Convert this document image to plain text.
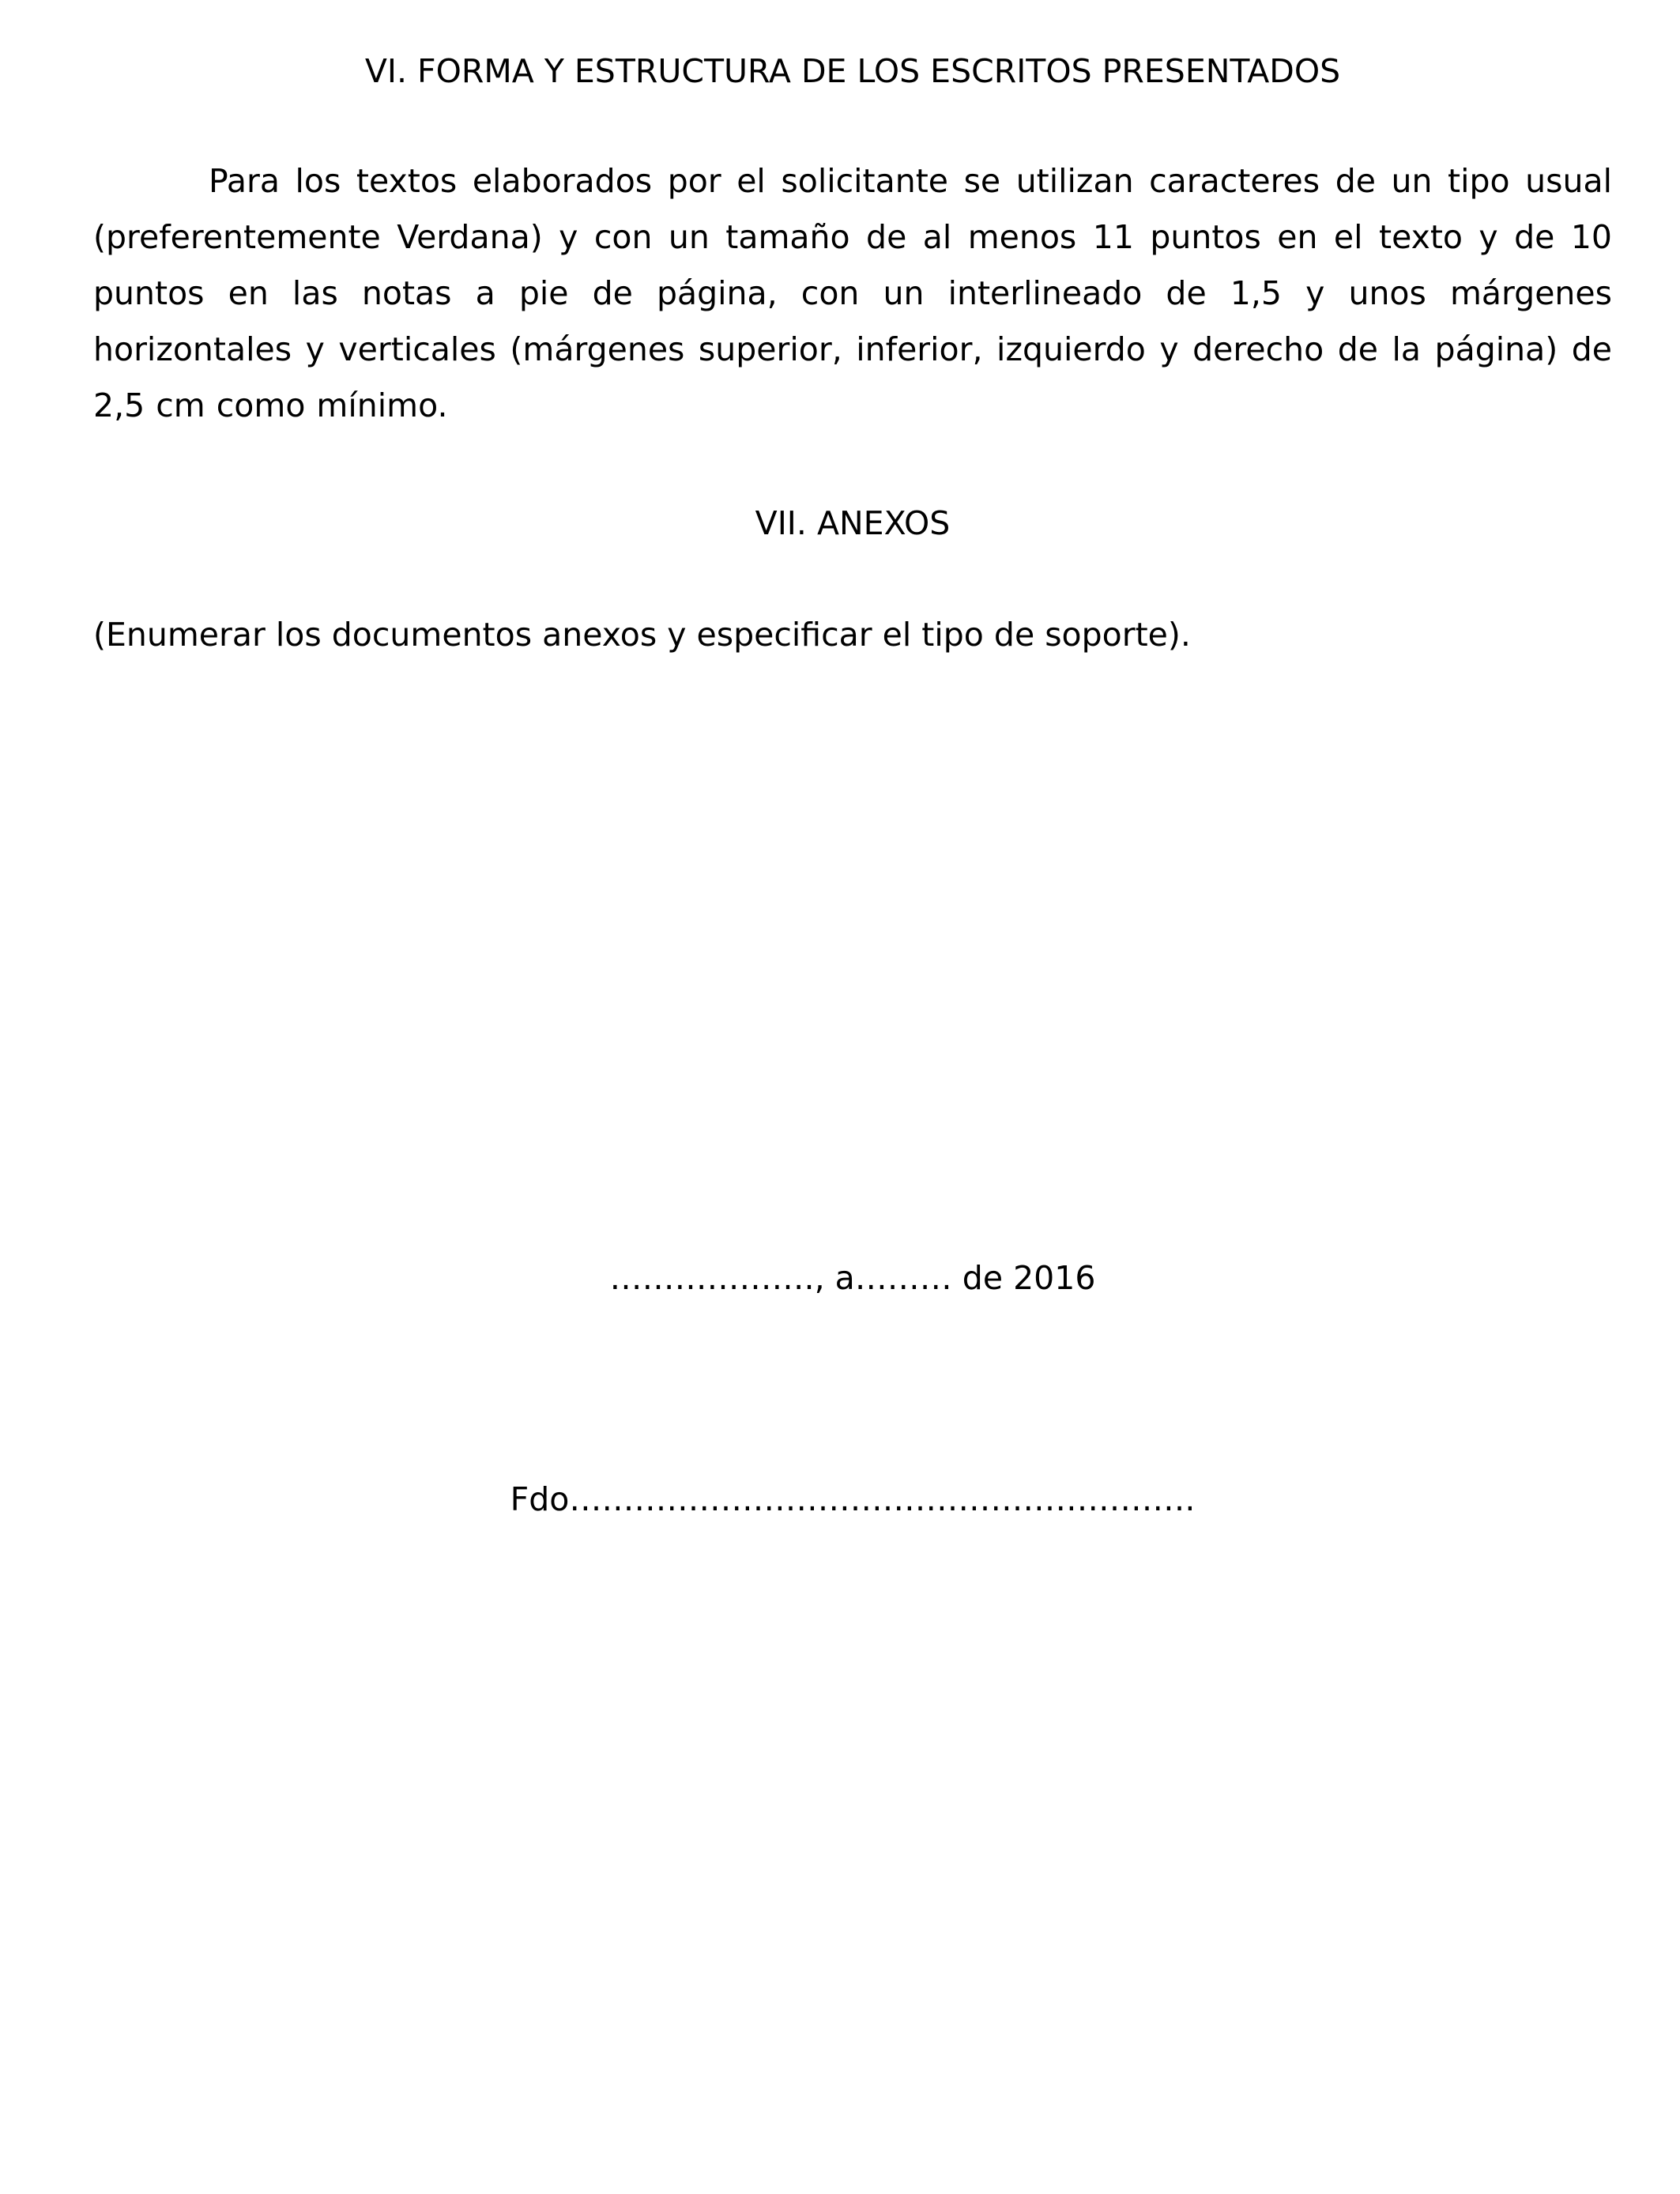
VI. FORMA Y ESTRUCTURA DE LOS ESCRITOS PRESENTADOS

Para los textos elaborados por el solicitante se utilizan caracteres de un tipo usual (preferentemente Verdana) y con un tamaño de al menos 11 puntos en el texto y de 10 puntos en las notas a pie de página, con un interlineado de 1,5 y unos márgenes horizontales y verticales (márgenes superior, inferior, izquierdo y derecho de la página) de 2,5 cm como mínimo.

VII. ANEXOS

(Enumerar los documentos anexos y especificar el tipo de soporte).

………………., a……… de 2016

Fdo………………………………………………….
